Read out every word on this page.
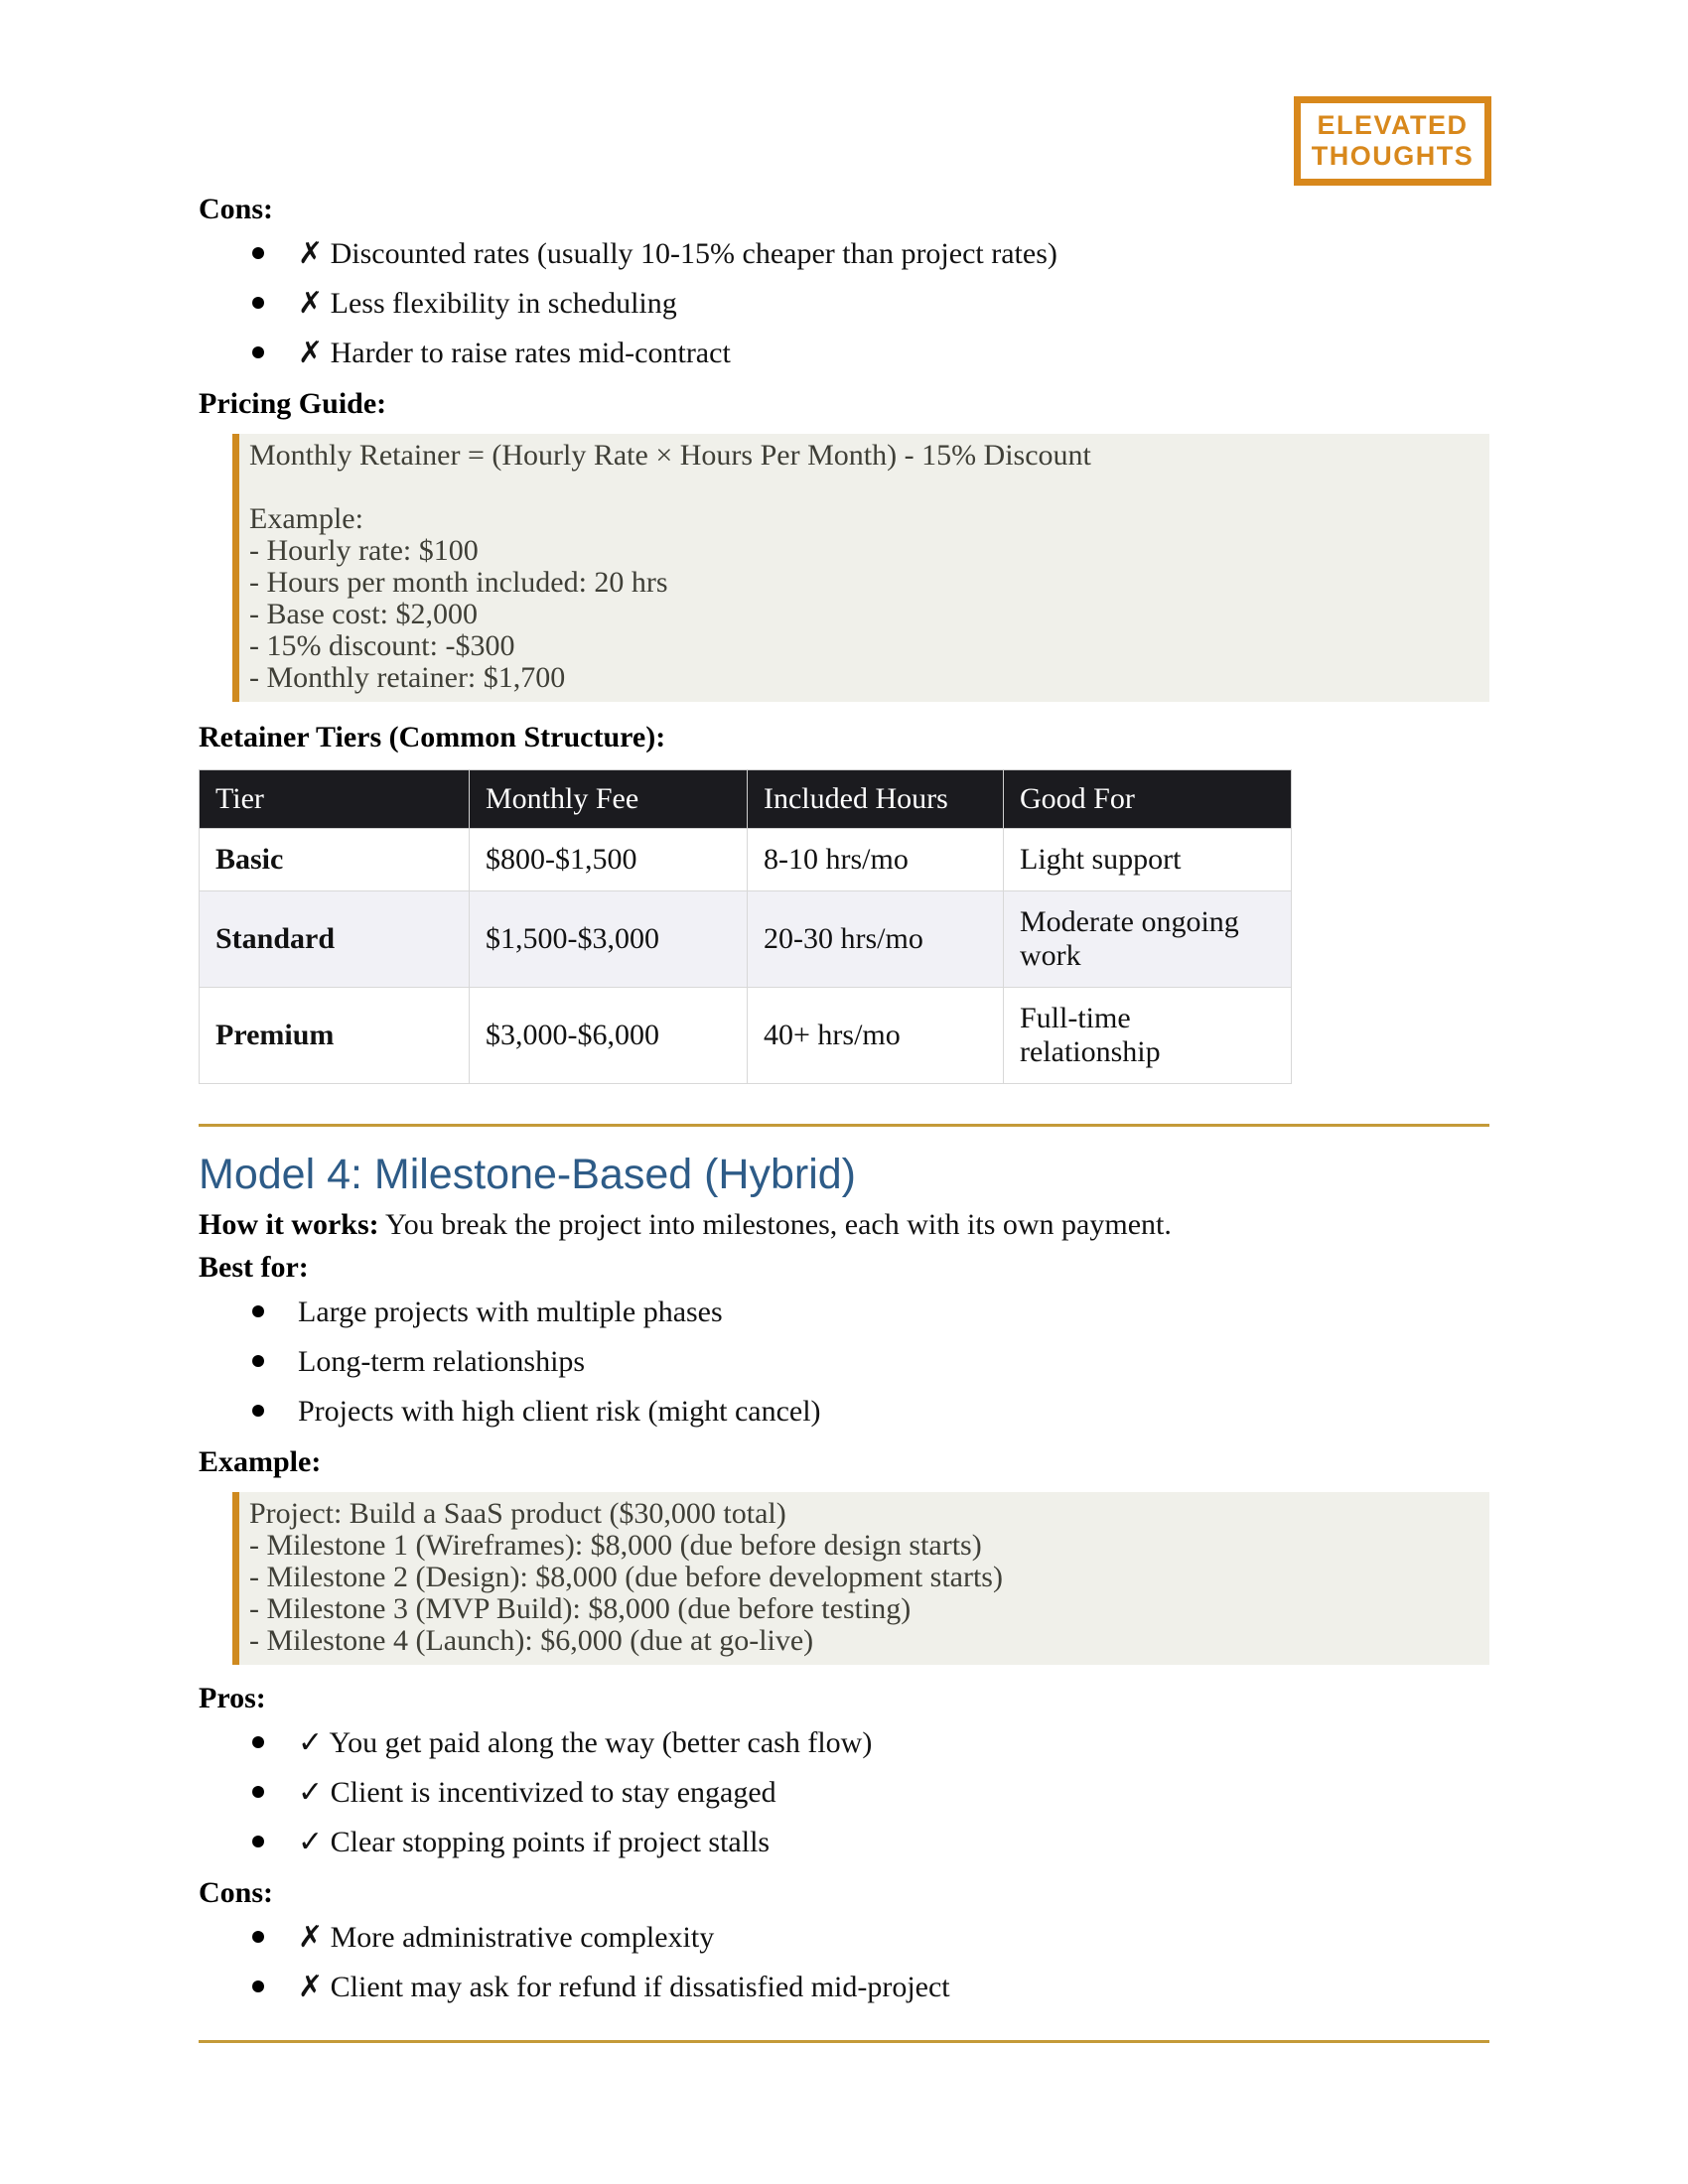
ELEVATED
THOUGHTS
Cons:
✗ Discounted rates (usually 10-15% cheaper than project rates)
✗ Less flexibility in scheduling
✗ Harder to raise rates mid-contract
Pricing Guide:
Monthly Retainer = (Hourly Rate × Hours Per Month) - 15% Discount
Example:
- Hourly rate: $100
- Hours per month included: 20 hrs
- Base cost: $2,000
- 15% discount: -$300
- Monthly retainer: $1,700
Retainer Tiers (Common Structure):
Tier	Monthly Fee	Included Hours	Good For
Basic	$800-$1,500	8-10 hrs/mo	Light support
Standard	$1,500-$3,000	20-30 hrs/mo	Moderate ongoing work
Premium	$3,000-$6,000	40+ hrs/mo	Full-time relationship
Model 4: Milestone-Based (Hybrid)

How it works: You break the project into milestones, each with its own payment.

Best for:
Large projects with multiple phases
Long-term relationships
Projects with high client risk (might cancel)
Example:
Project: Build a SaaS product ($30,000 total)
- Milestone 1 (Wireframes): $8,000 (due before design starts)
- Milestone 2 (Design): $8,000 (due before development starts)
- Milestone 3 (MVP Build): $8,000 (due before testing)
- Milestone 4 (Launch): $6,000 (due at go-live)
Pros:
✓ You get paid along the way (better cash flow)
✓ Client is incentivized to stay engaged
✓ Clear stopping points if project stalls
Cons:
✗ More administrative complexity
✗ Client may ask for refund if dissatisfied mid-project
